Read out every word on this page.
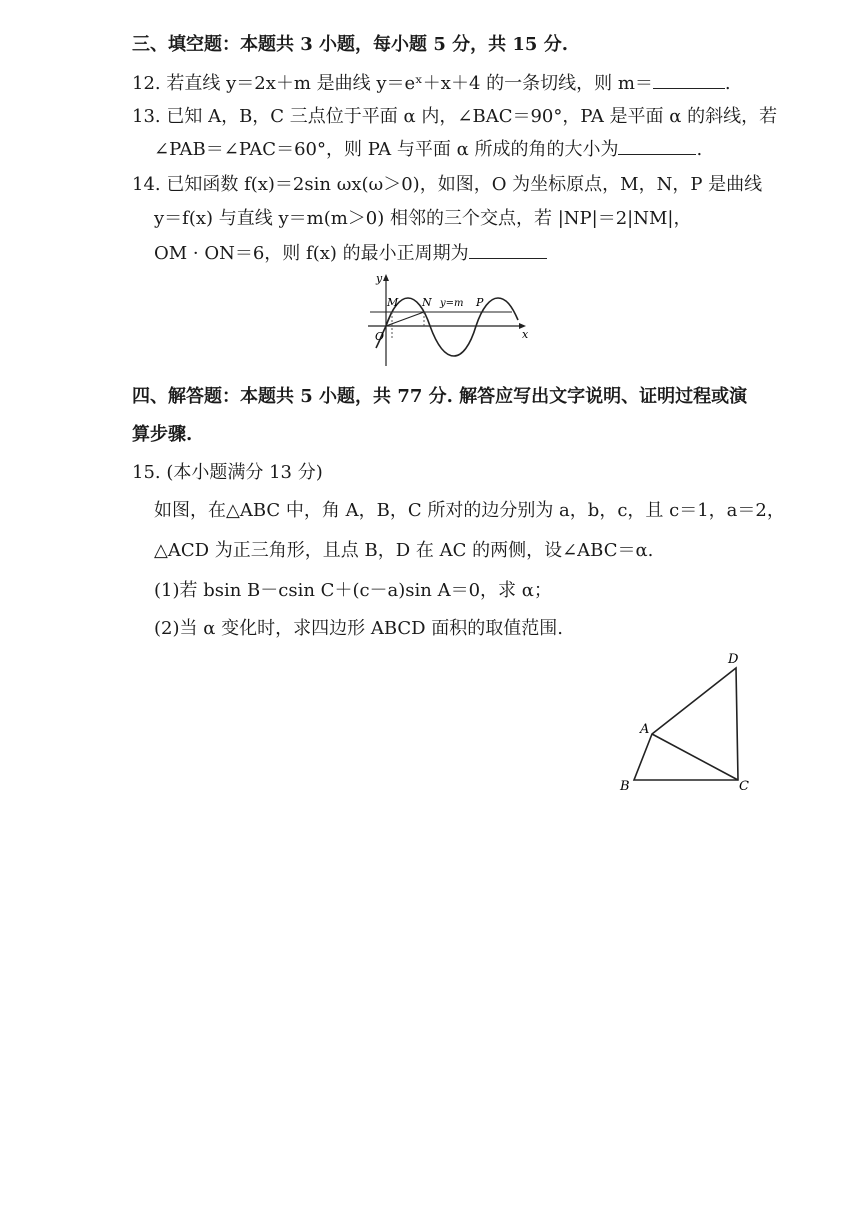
三、填空题：本题共 3 小题，每小题 5 分，共 15 分.
12. 若直线 y＝2x＋m 是曲线 y＝eˣ＋x＋4 的一条切线，则 m＝	.
13. 已知 A，B，C 三点位于平面 α 内，∠BAC＝90°，PA 是平面 α 的斜线，若
∠PAB＝∠PAC＝60°，则 PA 与平面 α 所成的角的大小为	.
14. 已知函数 f(x)＝2sin ωx(ω＞0)，如图，O 为坐标原点，M，N，P 是曲线
y＝f(x) 与直线 y＝m(m＞0) 相邻的三个交点，若 |NP|＝2|NM|，
OM · ON＝6，则 f(x) 的最小正周期为
y
x
O
M N	P
y=m
四、解答题：本题共 5 小题，共 77 分. 解答应写出文字说明、证明过程或演
算步骤.
15. (本小题满分 13 分)
如图，在△ABC 中，角 A，B，C 所对的边分别为 a，b，c，且 c＝1，a＝2，
△ACD 为正三角形，且点 B，D 在 AC 的两侧，设∠ABC＝α.
(1)若 bsin B－csin C＋(c－a)sin A＝0，求 α；
(2)当 α 变化时，求四边形 ABCD 面积的取值范围.
A
B	C
D
